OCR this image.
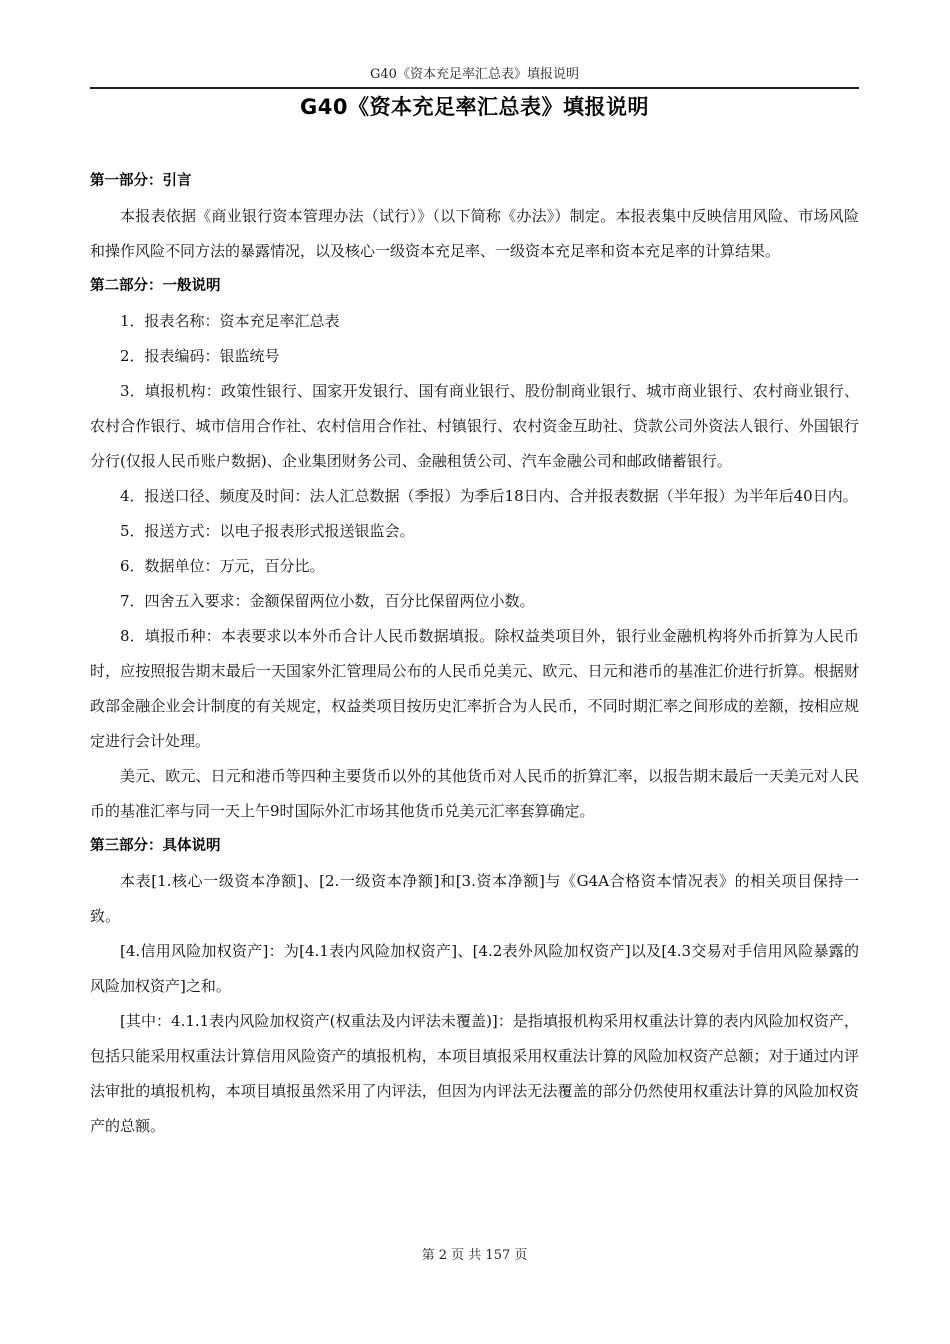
G40《资本充足率汇总表》填报说明
G40《资本充足率汇总表》填报说明

第一部分：引言

本报表依据《商业银行资本管理办法（试行）》（以下简称《办法》）制定。本报表集中反映信用风险、市场风险和操作风险不同方法的暴露情况，以及核心一级资本充足率、一级资本充足率和资本充足率的计算结果。

第二部分：一般说明

1．报表名称：资本充足率汇总表

2．报表编码：银监统号

3．填报机构：政策性银行、国家开发银行、国有商业银行、股份制商业银行、城市商业银行、农村商业银行、农村合作银行、城市信用合作社、农村信用合作社、村镇银行、农村资金互助社、贷款公司外资法人银行、外国银行分行(仅报人民币账户数据)、企业集团财务公司、金融租赁公司、汽车金融公司和邮政储蓄银行。

4．报送口径、频度及时间：法人汇总数据（季报）为季后18日内、合并报表数据（半年报）为半年后40日内。

5．报送方式：以电子报表形式报送银监会。

6．数据单位：万元，百分比。

7．四舍五入要求：金额保留两位小数，百分比保留两位小数。

8．填报币种：本表要求以本外币合计人民币数据填报。除权益类项目外，银行业金融机构将外币折算为人民币时，应按照报告期末最后一天国家外汇管理局公布的人民币兑美元、欧元、日元和港币的基准汇价进行折算。根据财政部金融企业会计制度的有关规定，权益类项目按历史汇率折合为人民币，不同时期汇率之间形成的差额，按相应规定进行会计处理。

美元、欧元、日元和港币等四种主要货币以外的其他货币对人民币的折算汇率，以报告期末最后一天美元对人民币的基准汇率与同一天上午9时国际外汇市场其他货币兑美元汇率套算确定。

第三部分：具体说明

本表[1.核心一级资本净额]、[2.一级资本净额]和[3.资本净额]与《G4A合格资本情况表》的相关项目保持一致。

[4.信用风险加权资产]：为[4.1表内风险加权资产]、[4.2表外风险加权资产]以及[4.3交易对手信用风险暴露的风险加权资产]之和。

[其中：4.1.1表内风险加权资产(权重法及内评法未覆盖)]：是指填报机构采用权重法计算的表内风险加权资产，包括只能采用权重法计算信用风险资产的填报机构，本项目填报采用权重法计算的风险加权资产总额；对于通过内评法审批的填报机构，本项目填报虽然采用了内评法，但因为内评法无法覆盖的部分仍然使用权重法计算的风险加权资产的总额。

第 2 页 共 157 页
